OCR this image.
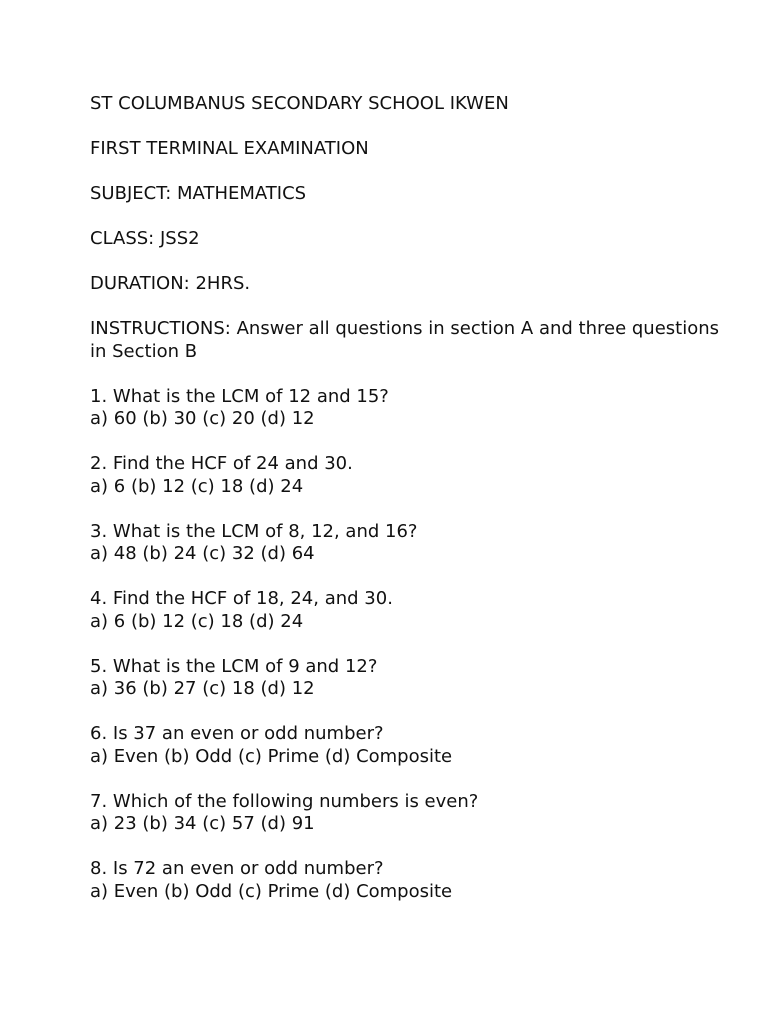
ST COLUMBANUS SECONDARY SCHOOL IKWEN

FIRST TERMINAL EXAMINATION

SUBJECT: MATHEMATICS

CLASS: JSS2

DURATION: 2HRS.

INSTRUCTIONS: Answer all questions in section A and three questions in Section B

1. What is the LCM of 12 and 15?

a) 60 (b) 30 (c) 20 (d) 12

2. Find the HCF of 24 and 30.

a) 6 (b) 12 (c) 18 (d) 24

3. What is the LCM of 8, 12, and 16?

a) 48 (b) 24 (c) 32 (d) 64

4. Find the HCF of 18, 24, and 30.

a) 6 (b) 12 (c) 18 (d) 24

5. What is the LCM of 9 and 12?

a) 36 (b) 27 (c) 18 (d) 12

6. Is 37 an even or odd number?

a) Even (b) Odd (c) Prime (d) Composite

7. Which of the following numbers is even?

a) 23 (b) 34 (c) 57 (d) 91

8. Is 72 an even or odd number?

a) Even (b) Odd (c) Prime (d) Composite
